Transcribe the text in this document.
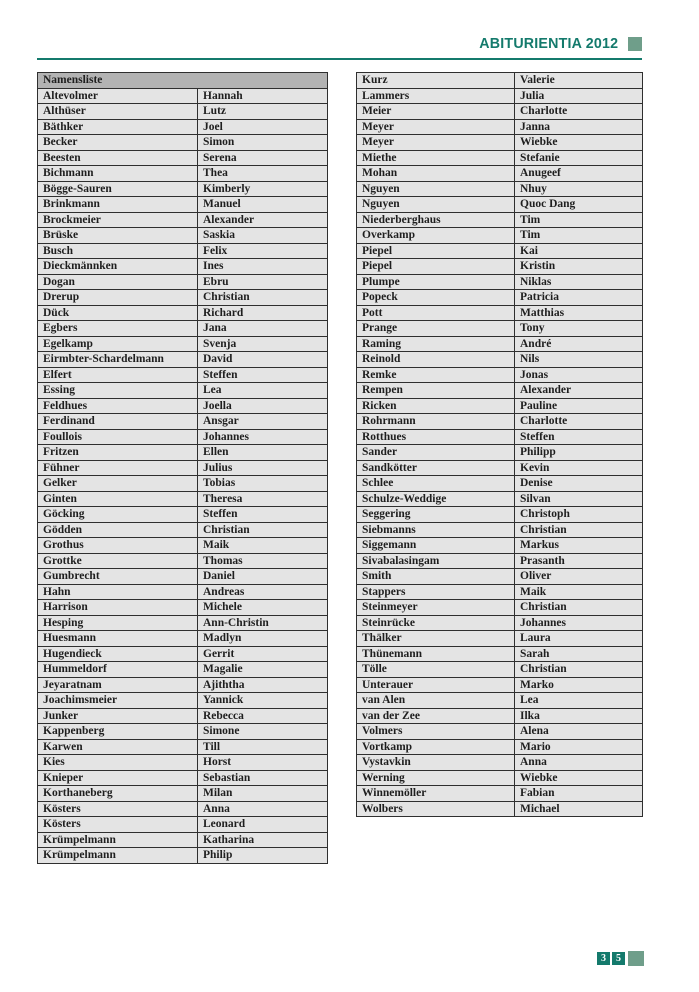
ABITURIENTIA 2012
Namensliste	
Altevolmer	Hannah
Althüser	Lutz
Bäthker	Joel
Becker	Simon
Beesten	Serena
Bichmann	Thea
Bögge-Sauren	Kimberly
Brinkmann	Manuel
Brockmeier	Alexander
Brüske	Saskia
Busch	Felix
Dieckmännken	Ines
Dogan	Ebru
Drerup	Christian
Dück	Richard
Egbers	Jana
Egelkamp	Svenja
Eirmbter-Schardelmann	David
Elfert	Steffen
Essing	Lea
Feldhues	Joella
Ferdinand	Ansgar
Foullois	Johannes
Fritzen	Ellen
Fühner	Julius
Gelker	Tobias
Ginten	Theresa
Göcking	Steffen
Gödden	Christian
Grothus	Maik
Grottke	Thomas
Gumbrecht	Daniel
Hahn	Andreas
Harrison	Michele
Hesping	Ann-Christin
Huesmann	Madlyn
Hugendieck	Gerrit
Hummeldorf	Magalie
Jeyaratnam	Ajiththa
Joachimsmeier	Yannick
Junker	Rebecca
Kappenberg	Simone
Karwen	Till
Kies	Horst
Knieper	Sebastian
Korthaneberg	Milan
Kösters	Anna
Kösters	Leonard
Krümpelmann	Katharina
Krümpelmann	Philip
Kurz	Valerie
Lammers	Julia
Meier	Charlotte
Meyer	Janna
Meyer	Wiebke
Miethe	Stefanie
Mohan	Anugeef
Nguyen	Nhuy
Nguyen	Quoc Dang
Niederberghaus	Tim
Overkamp	Tim
Piepel	Kai
Piepel	Kristin
Plumpe	Niklas
Popeck	Patricia
Pott	Matthias
Prange	Tony
Raming	André
Reinold	Nils
Remke	Jonas
Rempen	Alexander
Ricken	Pauline
Rohrmann	Charlotte
Rotthues	Steffen
Sander	Philipp
Sandkötter	Kevin
Schlee	Denise
Schulze-Weddige	Silvan
Seggering	Christoph
Siebmanns	Christian
Siggemann	Markus
Sivabalasingam	Prasanth
Smith	Oliver
Stappers	Maik
Steinmeyer	Christian
Steinrücke	Johannes
Thälker	Laura
Thünemann	Sarah
Tölle	Christian
Unterauer	Marko
van Alen	Lea
van der Zee	Ilka
Volmers	Alena
Vortkamp	Mario
Vystavkin	Anna
Werning	Wiebke
Winnemöller	Fabian
Wolbers	Michael
3	5
